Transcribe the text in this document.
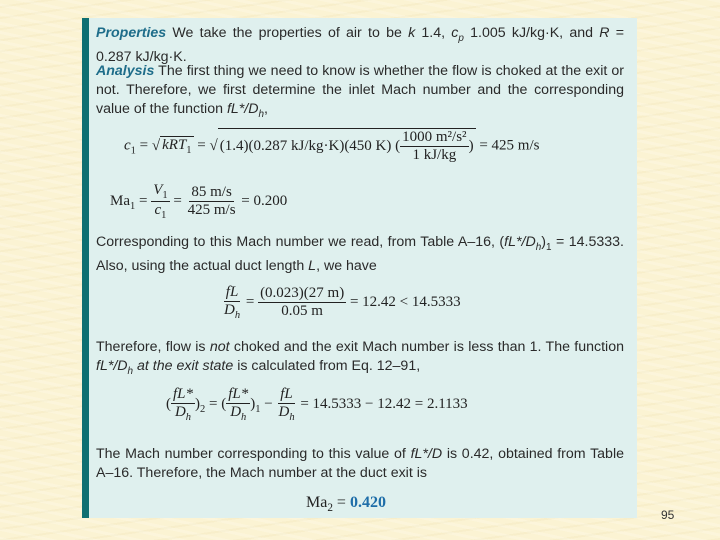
Properties We take the properties of air to be k 1.4, $c_p$ 1.005 kJ/kg·K, and R = 0.287 kJ/kg·K.
Analysis The first thing we need to know is whether the flow is choked at the exit or not. Therefore, we first determine the inlet Mach number and the corresponding value of the function $fL*/D_h$,
$c_1$ = √ kRT$_1$ = √ (1.4)(0.287 kJ/kg·K)(450 K) ( $\frac{\text{1000 m²/s²}}{1 kJ/kg}$ ) = 425 m/s
$Ma_1 = \frac{V_1}{c_1} = \frac{85 m/s}{425 m/s} = 0.200$
Corresponding to this Mach number we read, from Table A–16, $(fL*/D_h)_1 = 14.5333$. Also, using the actual duct length L, we have
$\frac{fL}{D_h} = \frac{(0.023)(27 m)}{0.05 m} = 12.42 < 14.5333$
Therefore, flow is not choked and the exit Mach number is less than 1. The function $fL*/D_h$ at the exit state is calculated from Eq. 12–91,
( $\frac{fL*}{D_h} )_2$ = ( $\frac{fL*}{D_h} )_1 - \frac{fL}{D_h} = 14.5333 - 12.42 = 2.1133$
The Mach number corresponding to this value of fL*/D is 0.42, obtained from Table A–16. Therefore, the Mach number at the duct exit is
$Ma_2 = 0.420$
95
